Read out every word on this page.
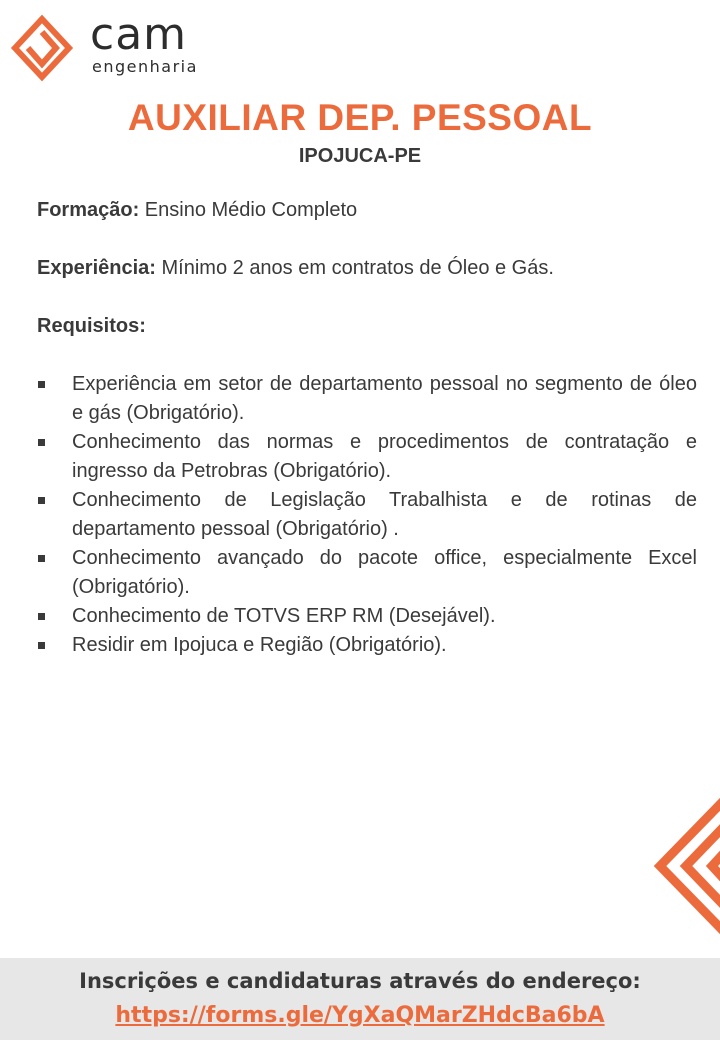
cam
engenharia
AUXILIAR DEP. PESSOAL
IPOJUCA-PE

Formação: Ensino Médio Completo

Experiência: Mínimo 2 anos em contratos de Óleo e Gás.

Requisitos:

Experiência em setor de departamento pessoal no segmento de óleo e gás (Obrigatório).
Conhecimento das normas e procedimentos de contratação e ingresso da Petrobras (Obrigatório).
Conhecimento de Legislação Trabalhista e de rotinas de departamento pessoal (Obrigatório) .
Conhecimento avançado do pacote office, especialmente Excel (Obrigatório).
Conhecimento de TOTVS ERP RM (Desejável).
Residir em Ipojuca e Região (Obrigatório).
Inscrições e candidaturas através do endereço:
https://forms.gle/YgXaQMarZHdcBa6bA
